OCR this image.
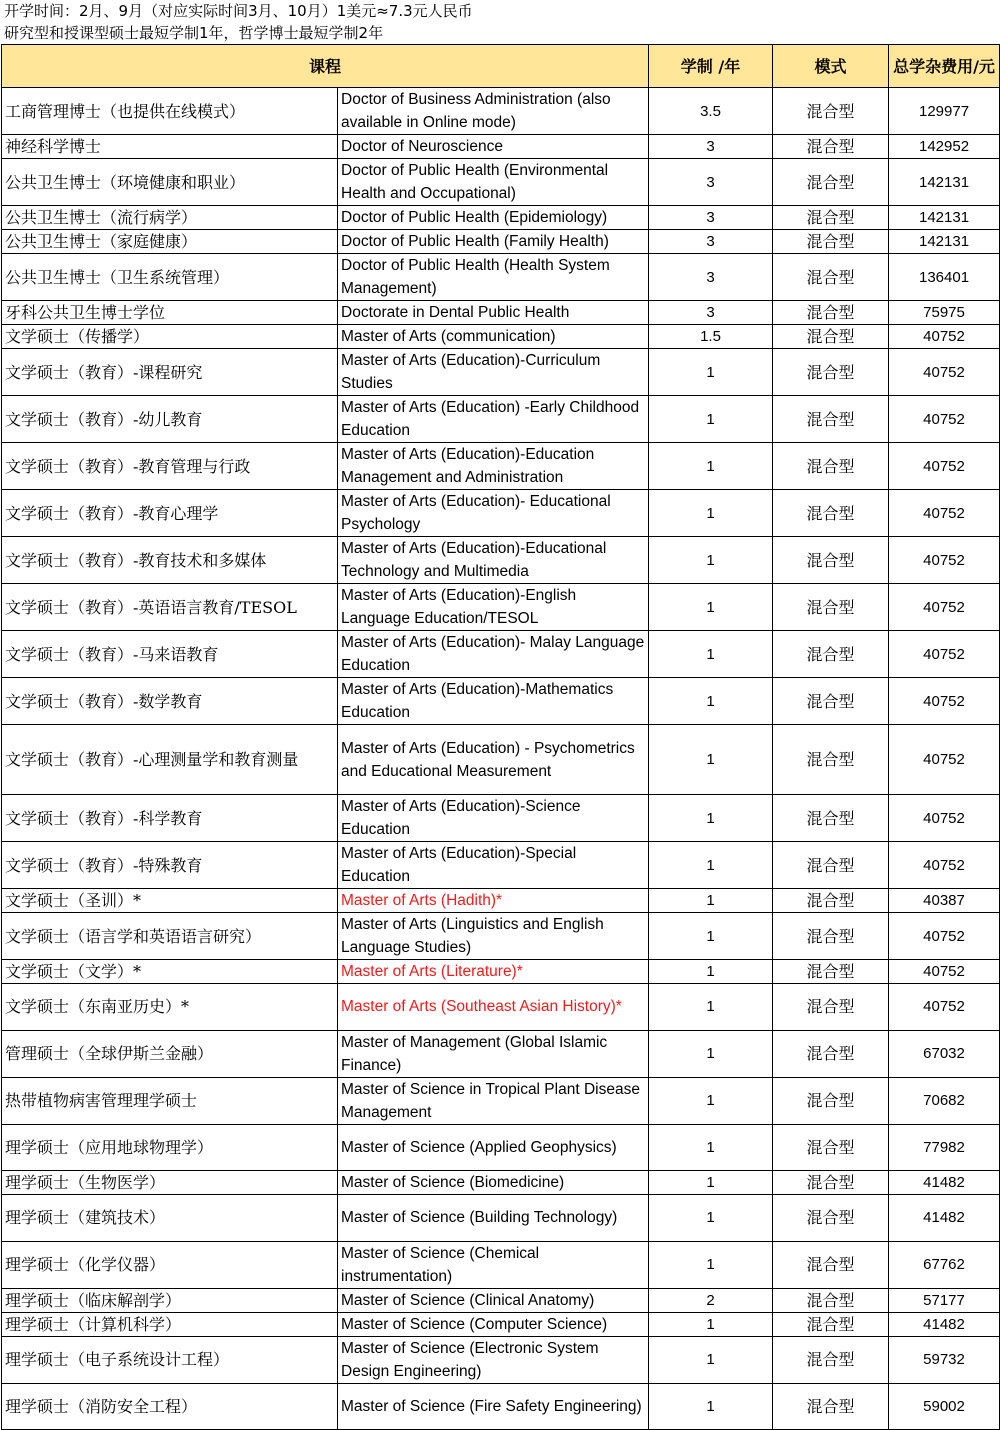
开学时间：2月、9月（对应实际时间3月、10月）1美元≈7.3元人民币
研究型和授课型硕士最短学制1年，哲学博士最短学制2年
课程		学制 /年	模式	总学杂费用/元
工商管理博士（也提供在线模式）	Doctor of Business Administration (also available in Online mode)	3.5	混合型	129977
神经科学博士	Doctor of Neuroscience	3	混合型	142952
公共卫生博士（环境健康和职业）	Doctor of Public Health (Environmental Health and Occupational)	3	混合型	142131
公共卫生博士（流行病学）	Doctor of Public Health (Epidemiology)	3	混合型	142131
公共卫生博士（家庭健康）	Doctor of Public Health (Family Health)	3	混合型	142131
公共卫生博士（卫生系统管理）	Doctor of Public Health (Health System Management)	3	混合型	136401
牙科公共卫生博士学位	Doctorate in Dental Public Health	3	混合型	75975
文学硕士（传播学）	Master of Arts (communication)	1.5	混合型	40752
文学硕士（教育）-课程研究	Master of Arts (Education)-Curriculum Studies	1	混合型	40752
文学硕士（教育）-幼儿教育	Master of Arts (Education) -Early Childhood Education	1	混合型	40752
文学硕士（教育）-教育管理与行政	Master of Arts (Education)-Education Management and Administration	1	混合型	40752
文学硕士（教育）-教育心理学	Master of Arts (Education)- Educational Psychology	1	混合型	40752
文学硕士（教育）-教育技术和多媒体	Master of Arts (Education)-Educational Technology and Multimedia	1	混合型	40752
文学硕士（教育）-英语语言教育/TESOL	Master of Arts (Education)-English Language Education/TESOL	1	混合型	40752
文学硕士（教育）-马来语教育	Master of Arts (Education)- Malay Language Education	1	混合型	40752
文学硕士（教育）-数学教育	Master of Arts (Education)-Mathematics Education	1	混合型	40752
文学硕士（教育）-心理测量学和教育测量	Master of Arts (Education) - Psychometrics and Educational Measurement	1	混合型	40752
文学硕士（教育）-科学教育	Master of Arts (Education)-Science Education	1	混合型	40752
文学硕士（教育）-特殊教育	Master of Arts (Education)-Special Education	1	混合型	40752
文学硕士（圣训）*	Master of Arts (Hadith)*	1	混合型	40387
文学硕士（语言学和英语语言研究）	Master of Arts (Linguistics and English Language Studies)	1	混合型	40752
文学硕士（文学）*	Master of Arts (Literature)*	1	混合型	40752
文学硕士（东南亚历史）*	Master of Arts (Southeast Asian History)*	1	混合型	40752
管理硕士（全球伊斯兰金融）	Master of Management (Global Islamic Finance)	1	混合型	67032
热带植物病害管理理学硕士	Master of Science in Tropical Plant Disease Management	1	混合型	70682
理学硕士（应用地球物理学）	Master of Science (Applied Geophysics)	1	混合型	77982
理学硕士（生物医学）	Master of Science (Biomedicine)	1	混合型	41482
理学硕士（建筑技术）	Master of Science (Building Technology)	1	混合型	41482
理学硕士（化学仪器）	Master of Science (Chemical instrumentation)	1	混合型	67762
理学硕士（临床解剖学）	Master of Science (Clinical Anatomy)	2	混合型	57177
理学硕士（计算机科学）	Master of Science (Computer Science)	1	混合型	41482
理学硕士（电子系统设计工程）	Master of Science (Electronic System Design Engineering)	1	混合型	59732
理学硕士（消防安全工程）	Master of Science (Fire Safety Engineering)	1	混合型	59002
